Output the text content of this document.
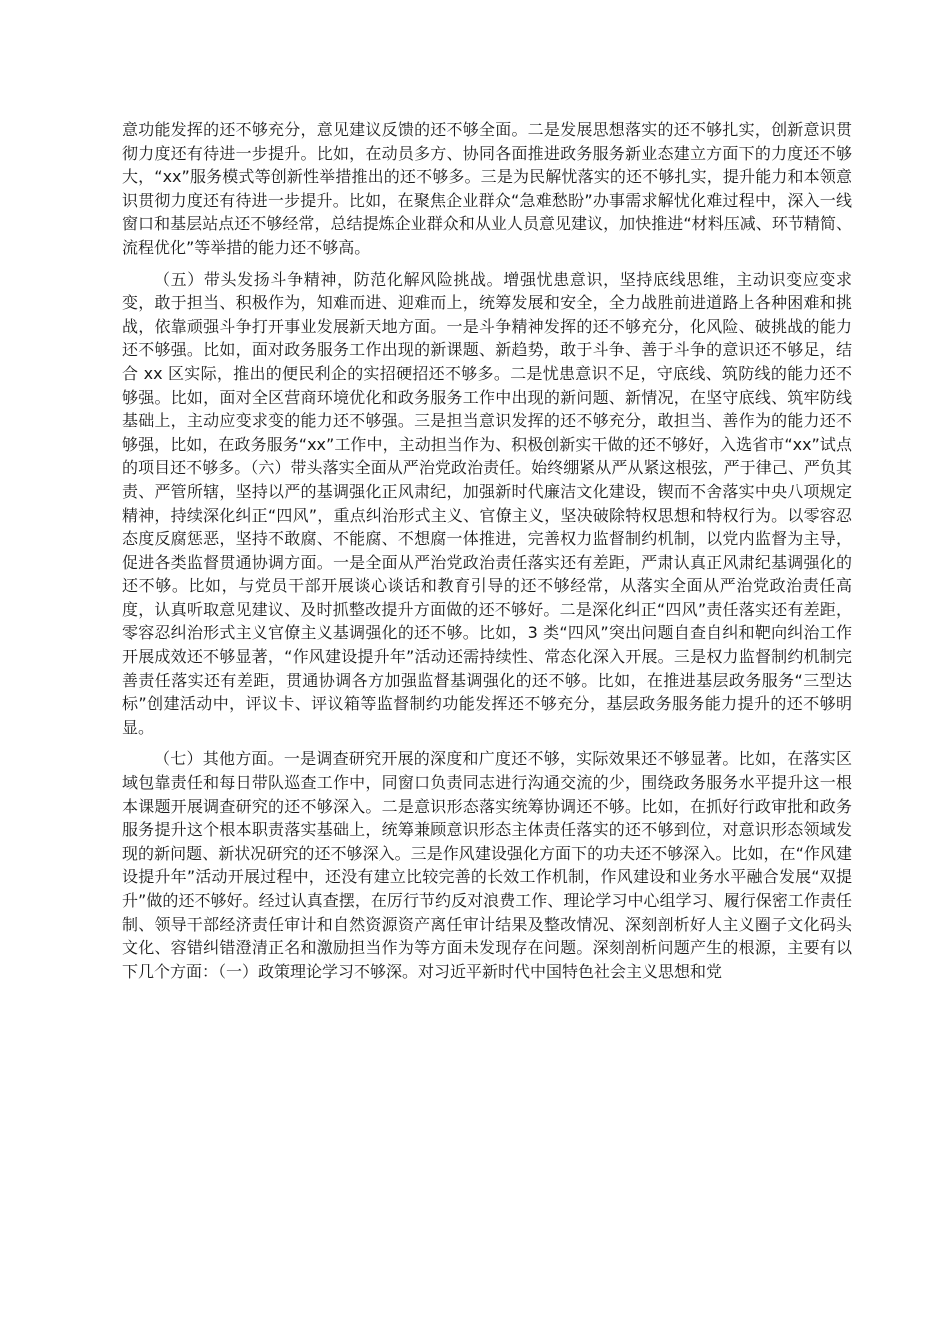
意功能发挥的还不够充分，意见建议反馈的还不够全面。二是发展思想落实的还不够扎实，创新意识贯彻力度还有待进一步提升。比如，在动员多方、协同各面推进政务服务新业态建立方面下的力度还不够大，“xx”服务模式等创新性举措推出的还不够多。三是为民解忧落实的还不够扎实，提升能力和本领意识贯彻力度还有待进一步提升。比如，在聚焦企业群众“急难愁盼”办事需求解忧化难过程中，深入一线窗口和基层站点还不够经常，总结提炼企业群众和从业人员意见建议，加快推进“材料压减、环节精简、流程优化”等举措的能力还不够高。

（五）带头发扬斗争精神，防范化解风险挑战。增强忧患意识，坚持底线思维，主动识变应变求变，敢于担当、积极作为，知难而进、迎难而上，统筹发展和安全，全力战胜前进道路上各种困难和挑战，依靠顽强斗争打开事业发展新天地方面。一是斗争精神发挥的还不够充分，化风险、破挑战的能力还不够强。比如，面对政务服务工作出现的新课题、新趋势，敢于斗争、善于斗争的意识还不够足，结合 xx 区实际，推出的便民利企的实招硬招还不够多。二是忧患意识不足，守底线、筑防线的能力还不够强。比如，面对全区营商环境优化和政务服务工作中出现的新问题、新情况，在坚守底线、筑牢防线基础上，主动应变求变的能力还不够强。三是担当意识发挥的还不够充分，敢担当、善作为的能力还不够强，比如，在政务服务“xx”工作中，主动担当作为、积极创新实干做的还不够好，入选省市“xx”试点的项目还不够多。（六）带头落实全面从严治党政治责任。始终绷紧从严从紧这根弦，严于律己、严负其责、严管所辖，坚持以严的基调强化正风肃纪，加强新时代廉洁文化建设，锲而不舍落实中央八项规定精神，持续深化纠正“四风”，重点纠治形式主义、官僚主义，坚决破除特权思想和特权行为。以零容忍态度反腐惩恶，坚持不敢腐、不能腐、不想腐一体推进，完善权力监督制约机制，以党内监督为主导，促进各类监督贯通协调方面。一是全面从严治党政治责任落实还有差距，严肃认真正风肃纪基调强化的还不够。比如，与党员干部开展谈心谈话和教育引导的还不够经常，从落实全面从严治党政治责任高度，认真听取意见建议、及时抓整改提升方面做的还不够好。二是深化纠正“四风”责任落实还有差距，零容忍纠治形式主义官僚主义基调强化的还不够。比如，3 类“四风”突出问题自查自纠和靶向纠治工作开展成效还不够显著，“作风建设提升年”活动还需持续性、常态化深入开展。三是权力监督制约机制完善责任落实还有差距，贯通协调各方加强监督基调强化的还不够。比如，在推进基层政务服务“三型达标”创建活动中，评议卡、评议箱等监督制约功能发挥还不够充分，基层政务服务能力提升的还不够明显。

（七）其他方面。一是调查研究开展的深度和广度还不够，实际效果还不够显著。比如，在落实区域包靠责任和每日带队巡查工作中，同窗口负责同志进行沟通交流的少，围绕政务服务水平提升这一根本课题开展调查研究的还不够深入。二是意识形态落实统筹协调还不够。比如，在抓好行政审批和政务服务提升这个根本职责落实基础上，统筹兼顾意识形态主体责任落实的还不够到位，对意识形态领域发现的新问题、新状况研究的还不够深入。三是作风建设强化方面下的功夫还不够深入。比如，在“作风建设提升年”活动开展过程中，还没有建立比较完善的长效工作机制，作风建设和业务水平融合发展“双提升”做的还不够好。经过认真查摆，在厉行节约反对浪费工作、理论学习中心组学习、履行保密工作责任制、领导干部经济责任审计和自然资源资产离任审计结果及整改情况、深刻剖析好人主义圈子文化码头文化、容错纠错澄清正名和激励担当作为等方面未发现存在问题。深刻剖析问题产生的根源，主要有以下几个方面：（一）政策理论学习不够深。对习近平新时代中国特色社会主义思想和党
